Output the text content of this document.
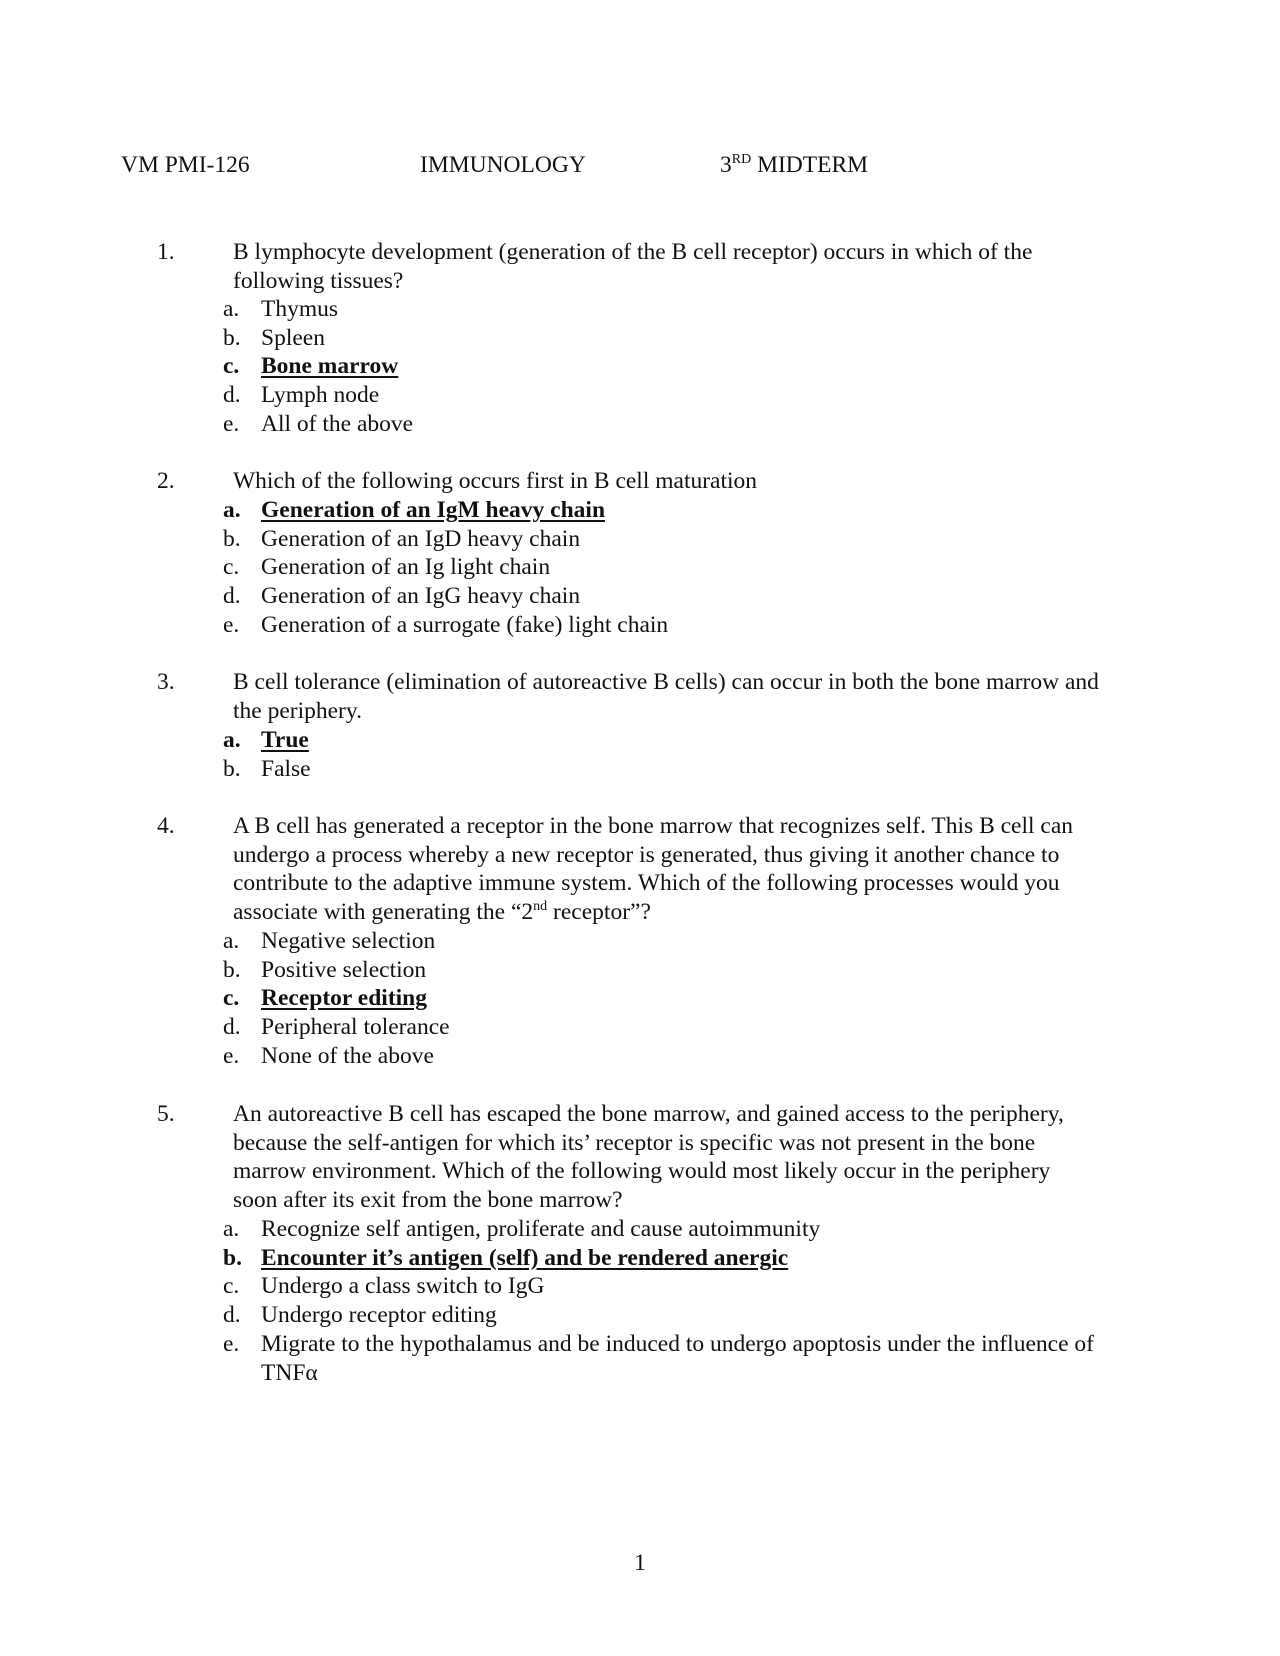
VM PMI-126	IMMUNOLOGY	3RD MIDTERM
1. B lymphocyte development (generation of the B cell receptor) occurs in which of the
following tissues?
a. Thymus
b. Spleen
c. Bone marrow
d. Lymph node
e. All of the above
2. Which of the following occurs first in B cell maturation
a. Generation of an IgM heavy chain
b. Generation of an IgD heavy chain
c. Generation of an Ig light chain
d. Generation of an IgG heavy chain
e. Generation of a surrogate (fake) light chain
3. B cell tolerance (elimination of autoreactive B cells) can occur in both the bone marrow and
the periphery.
a. True
b. False
4. A B cell has generated a receptor in the bone marrow that recognizes self. This B cell can
undergo a process whereby a new receptor is generated, thus giving it another chance to
contribute to the adaptive immune system. Which of the following processes would you
associate with generating the “2nd receptor”?
a. Negative selection
b. Positive selection
c. Receptor editing
d. Peripheral tolerance
e. None of the above
5. An autoreactive B cell has escaped the bone marrow, and gained access to the periphery,
because the self-antigen for which its’ receptor is specific was not present in the bone
marrow environment. Which of the following would most likely occur in the periphery
soon after its exit from the bone marrow?
a. Recognize self antigen, proliferate and cause autoimmunity
b. Encounter it’s antigen (self) and be rendered anergic
c. Undergo a class switch to IgG
d. Undergo receptor editing
e. Migrate to the hypothalamus and be induced to undergo apoptosis under the influence of
TNFα
1
